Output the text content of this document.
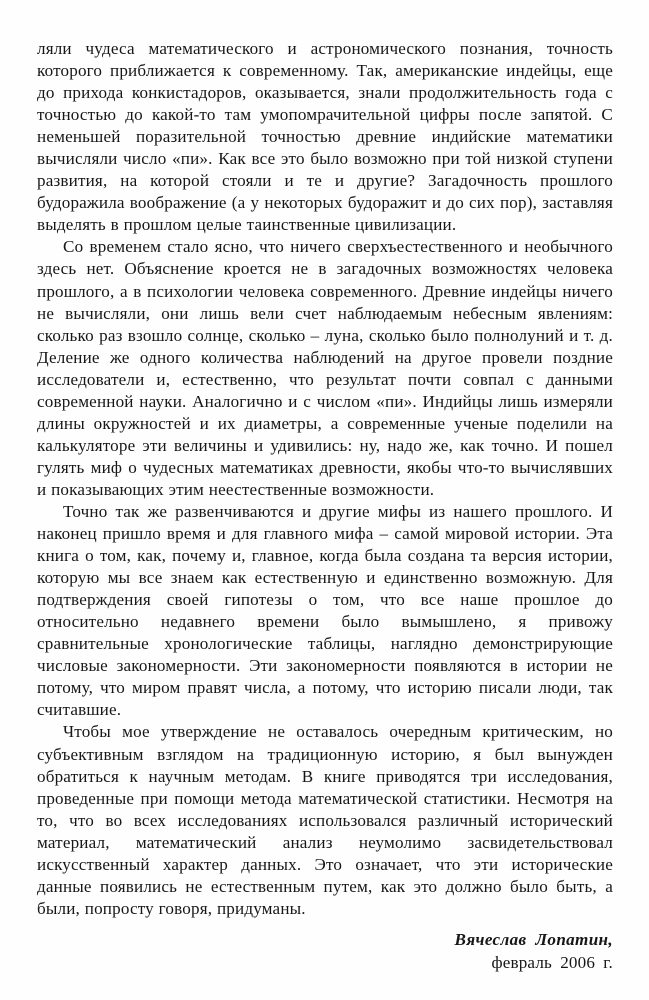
ляли чудеса математического и астрономического познания, точность которого приближается к современному. Так, американские индейцы, еще до прихода конкистадоров, оказывается, знали продолжительность года с точностью до какой-то там умопомрачительной цифры после запятой. С неменьшей поразительной точностью древние индийские математики вычисляли число «пи». Как все это было возможно при той низкой ступени развития, на которой стояли и те и другие? Загадочность прошлого будоражила воображение (а у некоторых будоражит и до сих пор), заставляя выделять в прошлом целые таинственные цивилизации.

Со временем стало ясно, что ничего сверхъестественного и необычного здесь нет. Объяснение кроется не в загадочных возможностях человека прошлого, а в психологии человека современного. Древние индейцы ничего не вычисляли, они лишь вели счет наблюдаемым небесным явлениям: сколько раз взошло солнце, сколько – луна, сколько было полнолуний и т. д. Деление же одного количества наблюдений на другое провели поздние исследователи и, естественно, что результат почти совпал с данными современной науки. Аналогично и с числом «пи». Индийцы лишь измеряли длины окружностей и их диаметры, а современные ученые поделили на калькуляторе эти величины и удивились: ну, надо же, как точно. И пошел гулять миф о чудесных математиках древности, якобы что-то вычислявших и показывающих этим неестественные возможности.

Точно так же развенчиваются и другие мифы из нашего прошлого. И наконец пришло время и для главного мифа – самой мировой истории. Эта книга о том, как, почему и, главное, когда была создана та версия истории, которую мы все знаем как естественную и единственно возможную. Для подтверждения своей гипотезы о том, что все наше прошлое до относительно недавнего времени было вымышлено, я привожу сравнительные хронологические таблицы, наглядно демонстрирующие числовые закономерности. Эти закономерности появляются в истории не потому, что миром правят числа, а потому, что историю писали люди, так считавшие.

Чтобы мое утверждение не оставалось очередным критическим, но субъективным взглядом на традиционную историю, я был вынужден обратиться к научным методам. В книге приводятся три исследования, проведенные при помощи метода математической статистики. Несмотря на то, что во всех исследованиях использовался различный исторический материал, математический анализ неумолимо засвидетельствовал искусственный характер данных. Это означает, что эти исторические данные появились не естественным путем, как это должно было быть, а были, попросту говоря, придуманы.

Вячеслав Лопатин,
февраль 2006 г.
